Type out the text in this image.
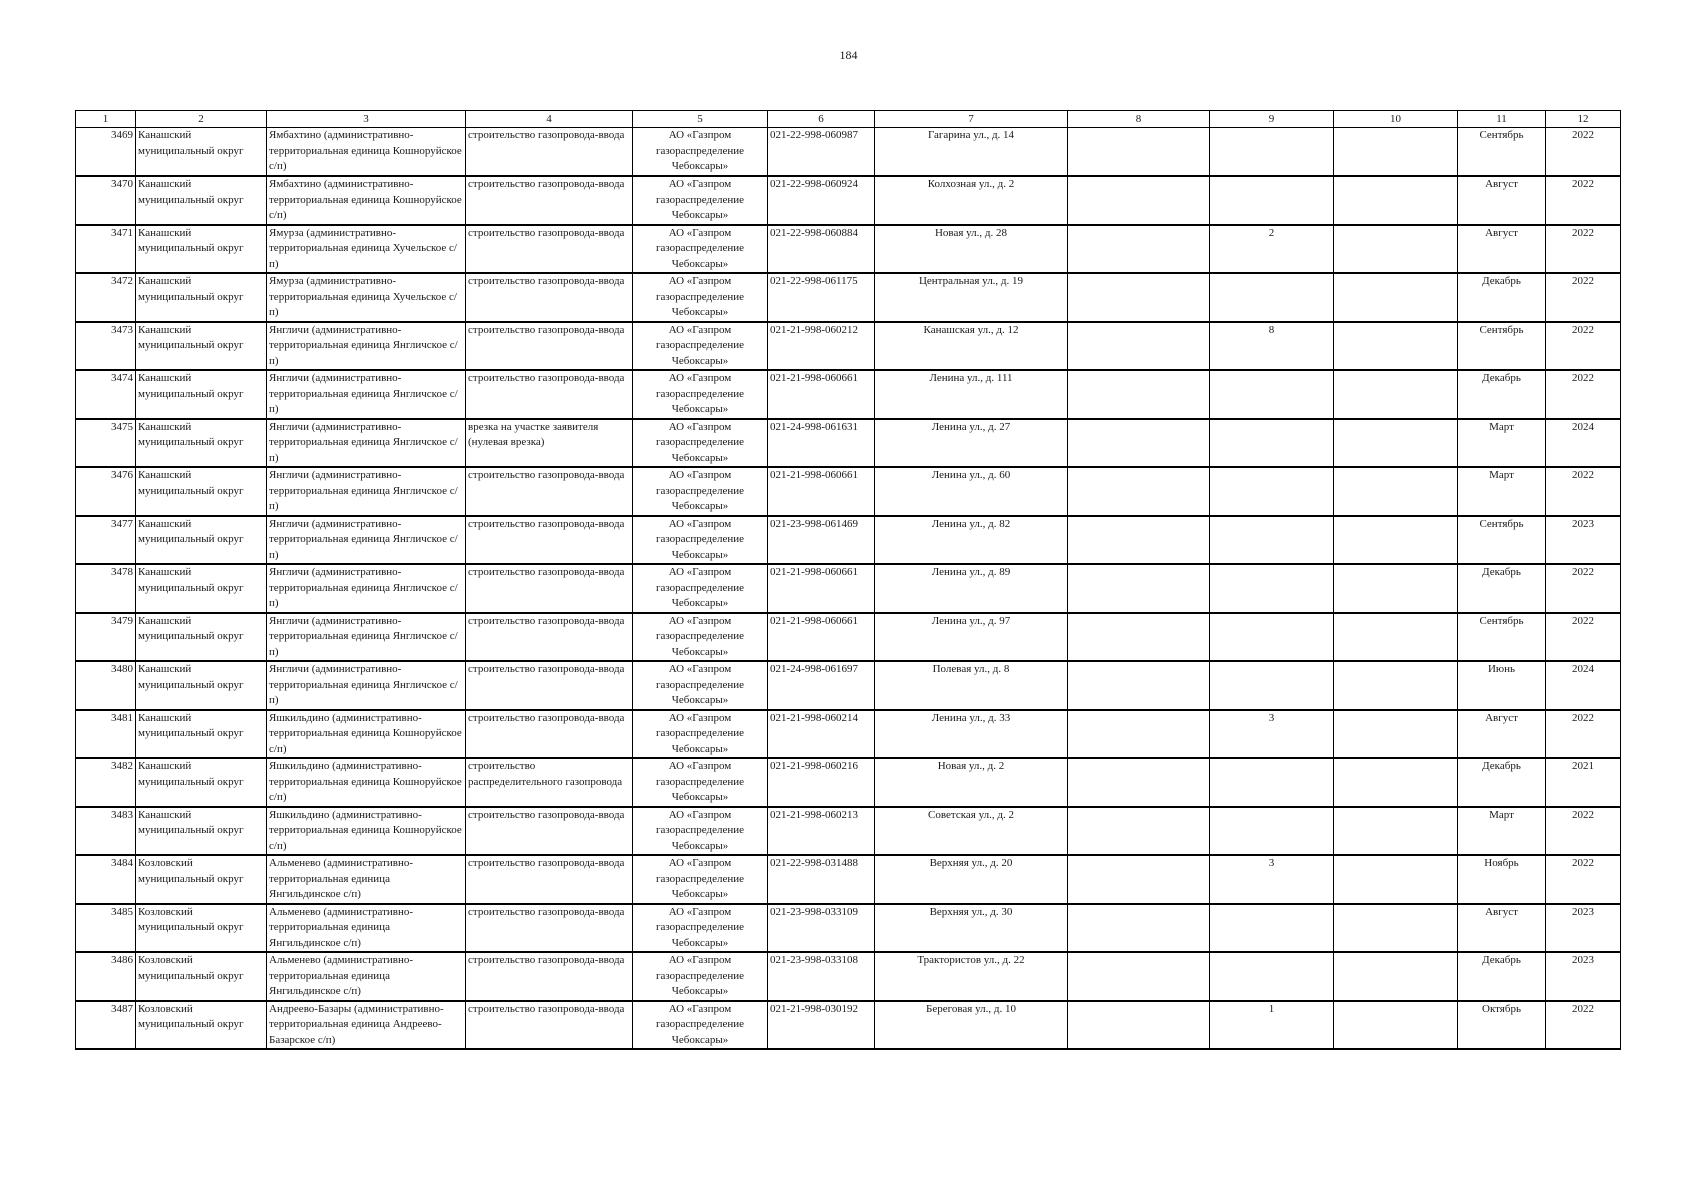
184
1	2	3	4	5	6	7	8	9	10	11	12
3469	Канашский муниципальный округ	Ямбахтино (административно-территориальная единица Кошноруйское с/п)	строительство газопровода-ввода	АО «Газпром газораспределение Чебоксары»	021-22-998-060987	Гагарина ул., д. 14				Сентябрь	2022
3470	Канашский муниципальный округ	Ямбахтино (административно-территориальная единица Кошноруйское с/п)	строительство газопровода-ввода	АО «Газпром газораспределение Чебоксары»	021-22-998-060924	Колхозная ул., д. 2				Август	2022
3471	Канашский муниципальный округ	Ямурза (административно-территориальная единица Хучельское с/п)	строительство газопровода-ввода	АО «Газпром газораспределение Чебоксары»	021-22-998-060884	Новая ул., д. 28		2		Август	2022
3472	Канашский муниципальный округ	Ямурза (административно-территориальная единица Хучельское с/п)	строительство газопровода-ввода	АО «Газпром газораспределение Чебоксары»	021-22-998-061175	Центральная ул., д. 19				Декабрь	2022
3473	Канашский муниципальный округ	Янгличи (административно-территориальная единица Янгличское с/п)	строительство газопровода-ввода	АО «Газпром газораспределение Чебоксары»	021-21-998-060212	Канашская ул., д. 12		8		Сентябрь	2022
3474	Канашский муниципальный округ	Янгличи (административно-территориальная единица Янгличское с/п)	строительство газопровода-ввода	АО «Газпром газораспределение Чебоксары»	021-21-998-060661	Ленина ул., д. 111				Декабрь	2022
3475	Канашский муниципальный округ	Янгличи (административно-территориальная единица Янгличское с/п)	врезка на участке заявителя (нулевая врезка)	АО «Газпром газораспределение Чебоксары»	021-24-998-061631	Ленина ул., д. 27				Март	2024
3476	Канашский муниципальный округ	Янгличи (административно-территориальная единица Янгличское с/п)	строительство газопровода-ввода	АО «Газпром газораспределение Чебоксары»	021-21-998-060661	Ленина ул., д. 60				Март	2022
3477	Канашский муниципальный округ	Янгличи (административно-территориальная единица Янгличское с/п)	строительство газопровода-ввода	АО «Газпром газораспределение Чебоксары»	021-23-998-061469	Ленина ул., д. 82				Сентябрь	2023
3478	Канашский муниципальный округ	Янгличи (административно-территориальная единица Янгличское с/п)	строительство газопровода-ввода	АО «Газпром газораспределение Чебоксары»	021-21-998-060661	Ленина ул., д. 89				Декабрь	2022
3479	Канашский муниципальный округ	Янгличи (административно-территориальная единица Янгличское с/п)	строительство газопровода-ввода	АО «Газпром газораспределение Чебоксары»	021-21-998-060661	Ленина ул., д. 97				Сентябрь	2022
3480	Канашский муниципальный округ	Янгличи (административно-территориальная единица Янгличское с/п)	строительство газопровода-ввода	АО «Газпром газораспределение Чебоксары»	021-24-998-061697	Полевая ул., д. 8				Июнь	2024
3481	Канашский муниципальный округ	Яшкильдино (административно-территориальная единица Кошноруйское с/п)	строительство газопровода-ввода	АО «Газпром газораспределение Чебоксары»	021-21-998-060214	Ленина ул., д. 33		3		Август	2022
3482	Канашский муниципальный округ	Яшкильдино (административно-территориальная единица Кошноруйское с/п)	строительство распределительного газопровода	АО «Газпром газораспределение Чебоксары»	021-21-998-060216	Новая ул., д. 2				Декабрь	2021
3483	Канашский муниципальный округ	Яшкильдино (административно-территориальная единица Кошноруйское с/п)	строительство газопровода-ввода	АО «Газпром газораспределение Чебоксары»	021-21-998-060213	Советская ул., д. 2				Март	2022
3484	Козловский муниципальный округ	Альменево (административно-территориальная единица Янгильдинское с/п)	строительство газопровода-ввода	АО «Газпром газораспределение Чебоксары»	021-22-998-031488	Верхняя ул., д. 20		3		Ноябрь	2022
3485	Козловский муниципальный округ	Альменево (административно-территориальная единица Янгильдинское с/п)	строительство газопровода-ввода	АО «Газпром газораспределение Чебоксары»	021-23-998-033109	Верхняя ул., д. 30				Август	2023
3486	Козловский муниципальный округ	Альменево (административно-территориальная единица Янгильдинское с/п)	строительство газопровода-ввода	АО «Газпром газораспределение Чебоксары»	021-23-998-033108	Трактористов ул., д. 22				Декабрь	2023
3487	Козловский муниципальный округ	Андреево-Базары (административно-территориальная единица Андреево-Базарское с/п)	строительство газопровода-ввода	АО «Газпром газораспределение Чебоксары»	021-21-998-030192	Береговая ул., д. 10		1		Октябрь	2022
